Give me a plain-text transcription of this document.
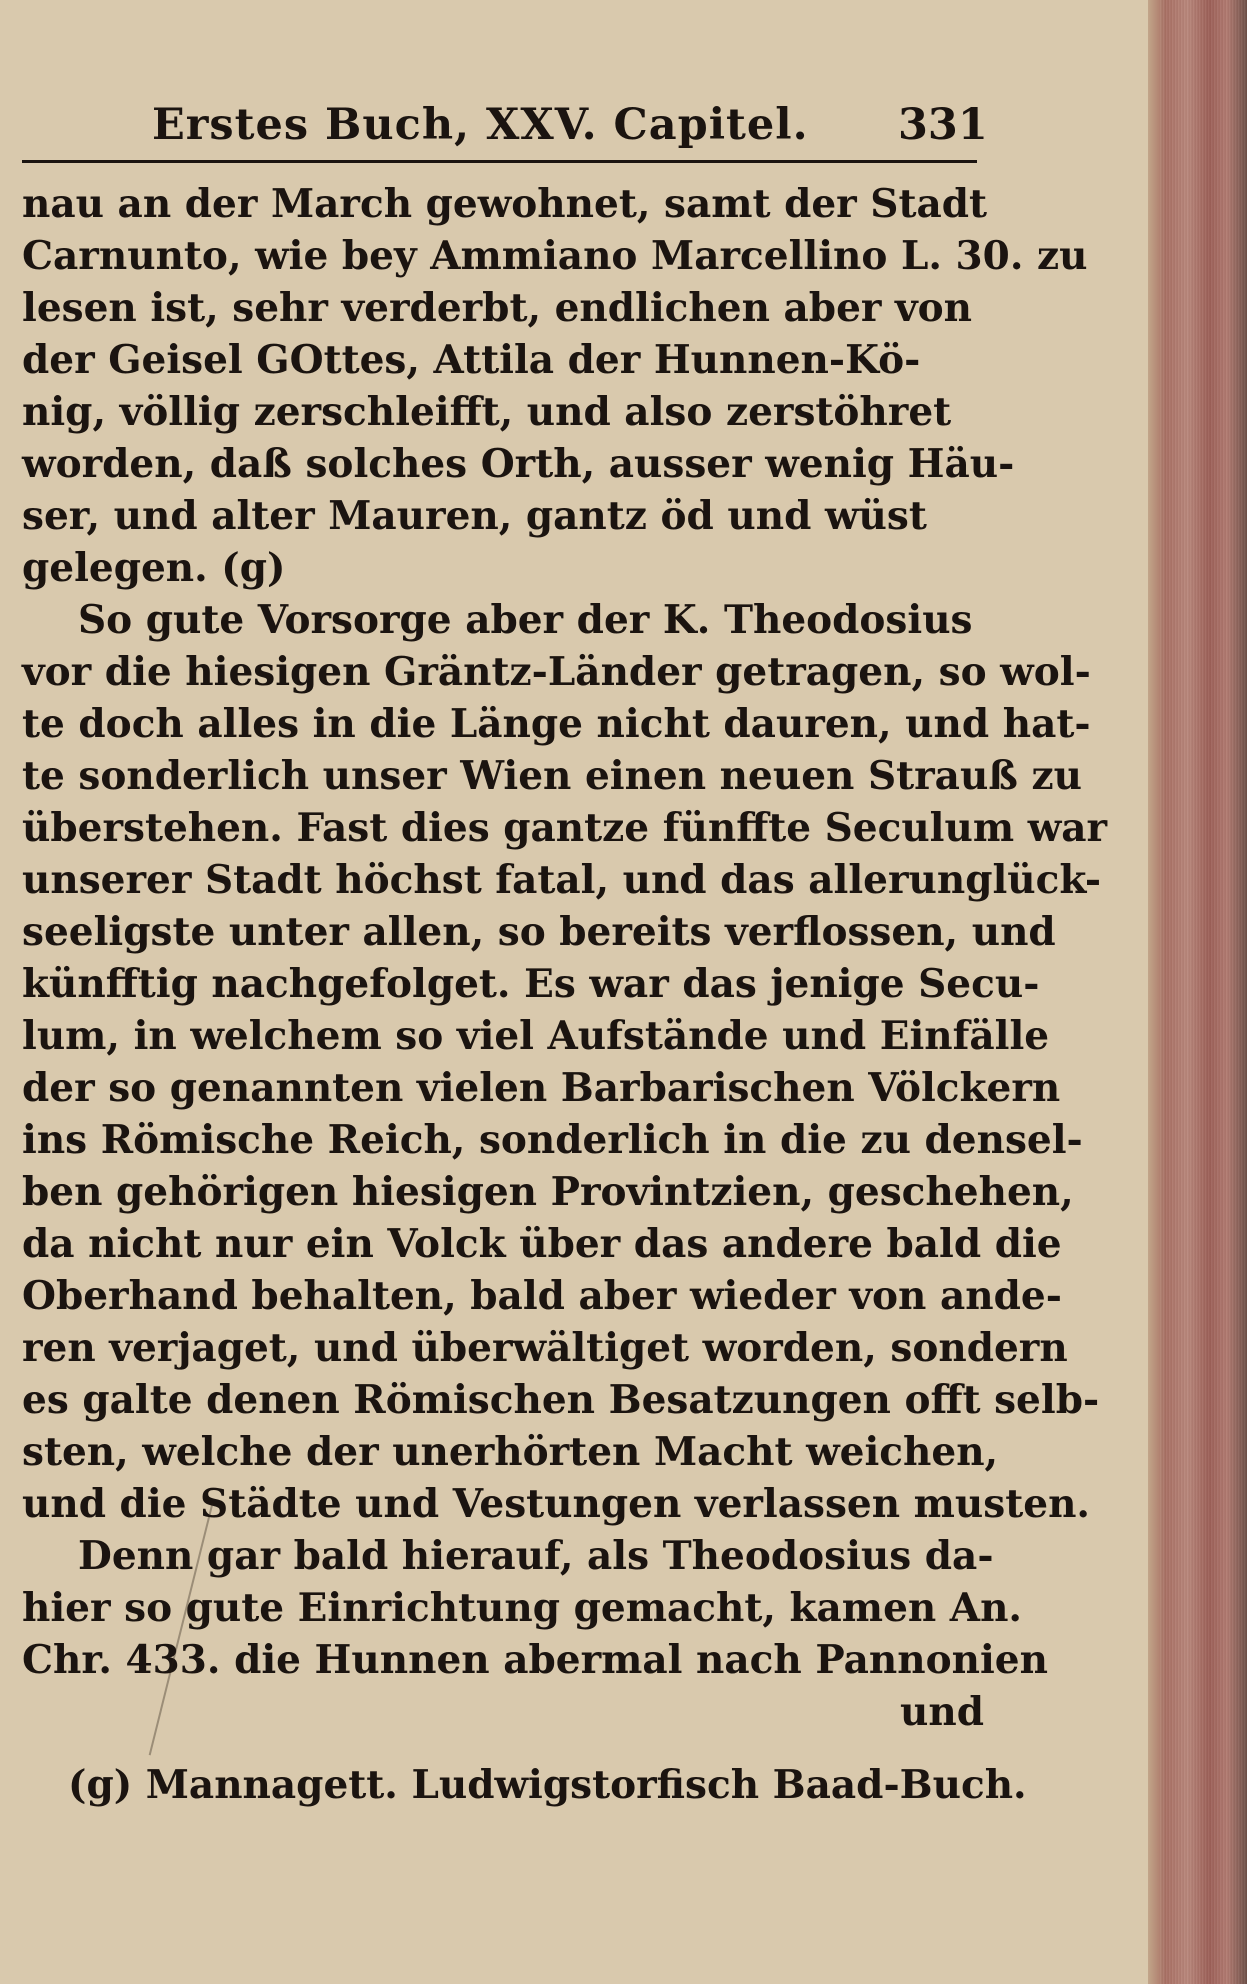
Erstes Buch, XXV. Capitel. 331
nau an der March gewohnet, samt der Stadt
Carnunto, wie bey Ammiano Marcellino L. 30. zu
lesen ist, sehr verderbt, endlichen aber von
der Geisel GOttes, Attila der Hunnen-Kö-
nig, völlig zerschleifft, und also zerstöhret
worden, daß solches Orth, ausser wenig Häu-
ser, und alter Mauren, gantz öd und wüst
gelegen. (g)
So gute Vorsorge aber der K. Theodosius
vor die hiesigen Gräntz-Länder getragen, so wol-
te doch alles in die Länge nicht dauren, und hat-
te sonderlich unser Wien einen neuen Strauß zu
überstehen. Fast dies gantze fünffte Seculum war
unserer Stadt höchst fatal, und das allerunglück-
seeligste unter allen, so bereits verflossen, und
künfftig nachgefolget. Es war das jenige Secu-
lum, in welchem so viel Aufstände und Einfälle
der so genannten vielen Barbarischen Völckern
ins Römische Reich, sonderlich in die zu densel-
ben gehörigen hiesigen Provintzien, geschehen,
da nicht nur ein Volck über das andere bald die
Oberhand behalten, bald aber wieder von ande-
ren verjaget, und überwältiget worden, sondern
es galte denen Römischen Besatzungen offt selb-
sten, welche der unerhörten Macht weichen,
und die Städte und Vestungen verlassen musten.
Denn gar bald hierauf, als Theodosius da-
hier so gute Einrichtung gemacht, kamen An.
Chr. 433. die Hunnen abermal nach Pannonien
und
(g) Mannagett. Ludwigstorfisch Baad-Buch.
